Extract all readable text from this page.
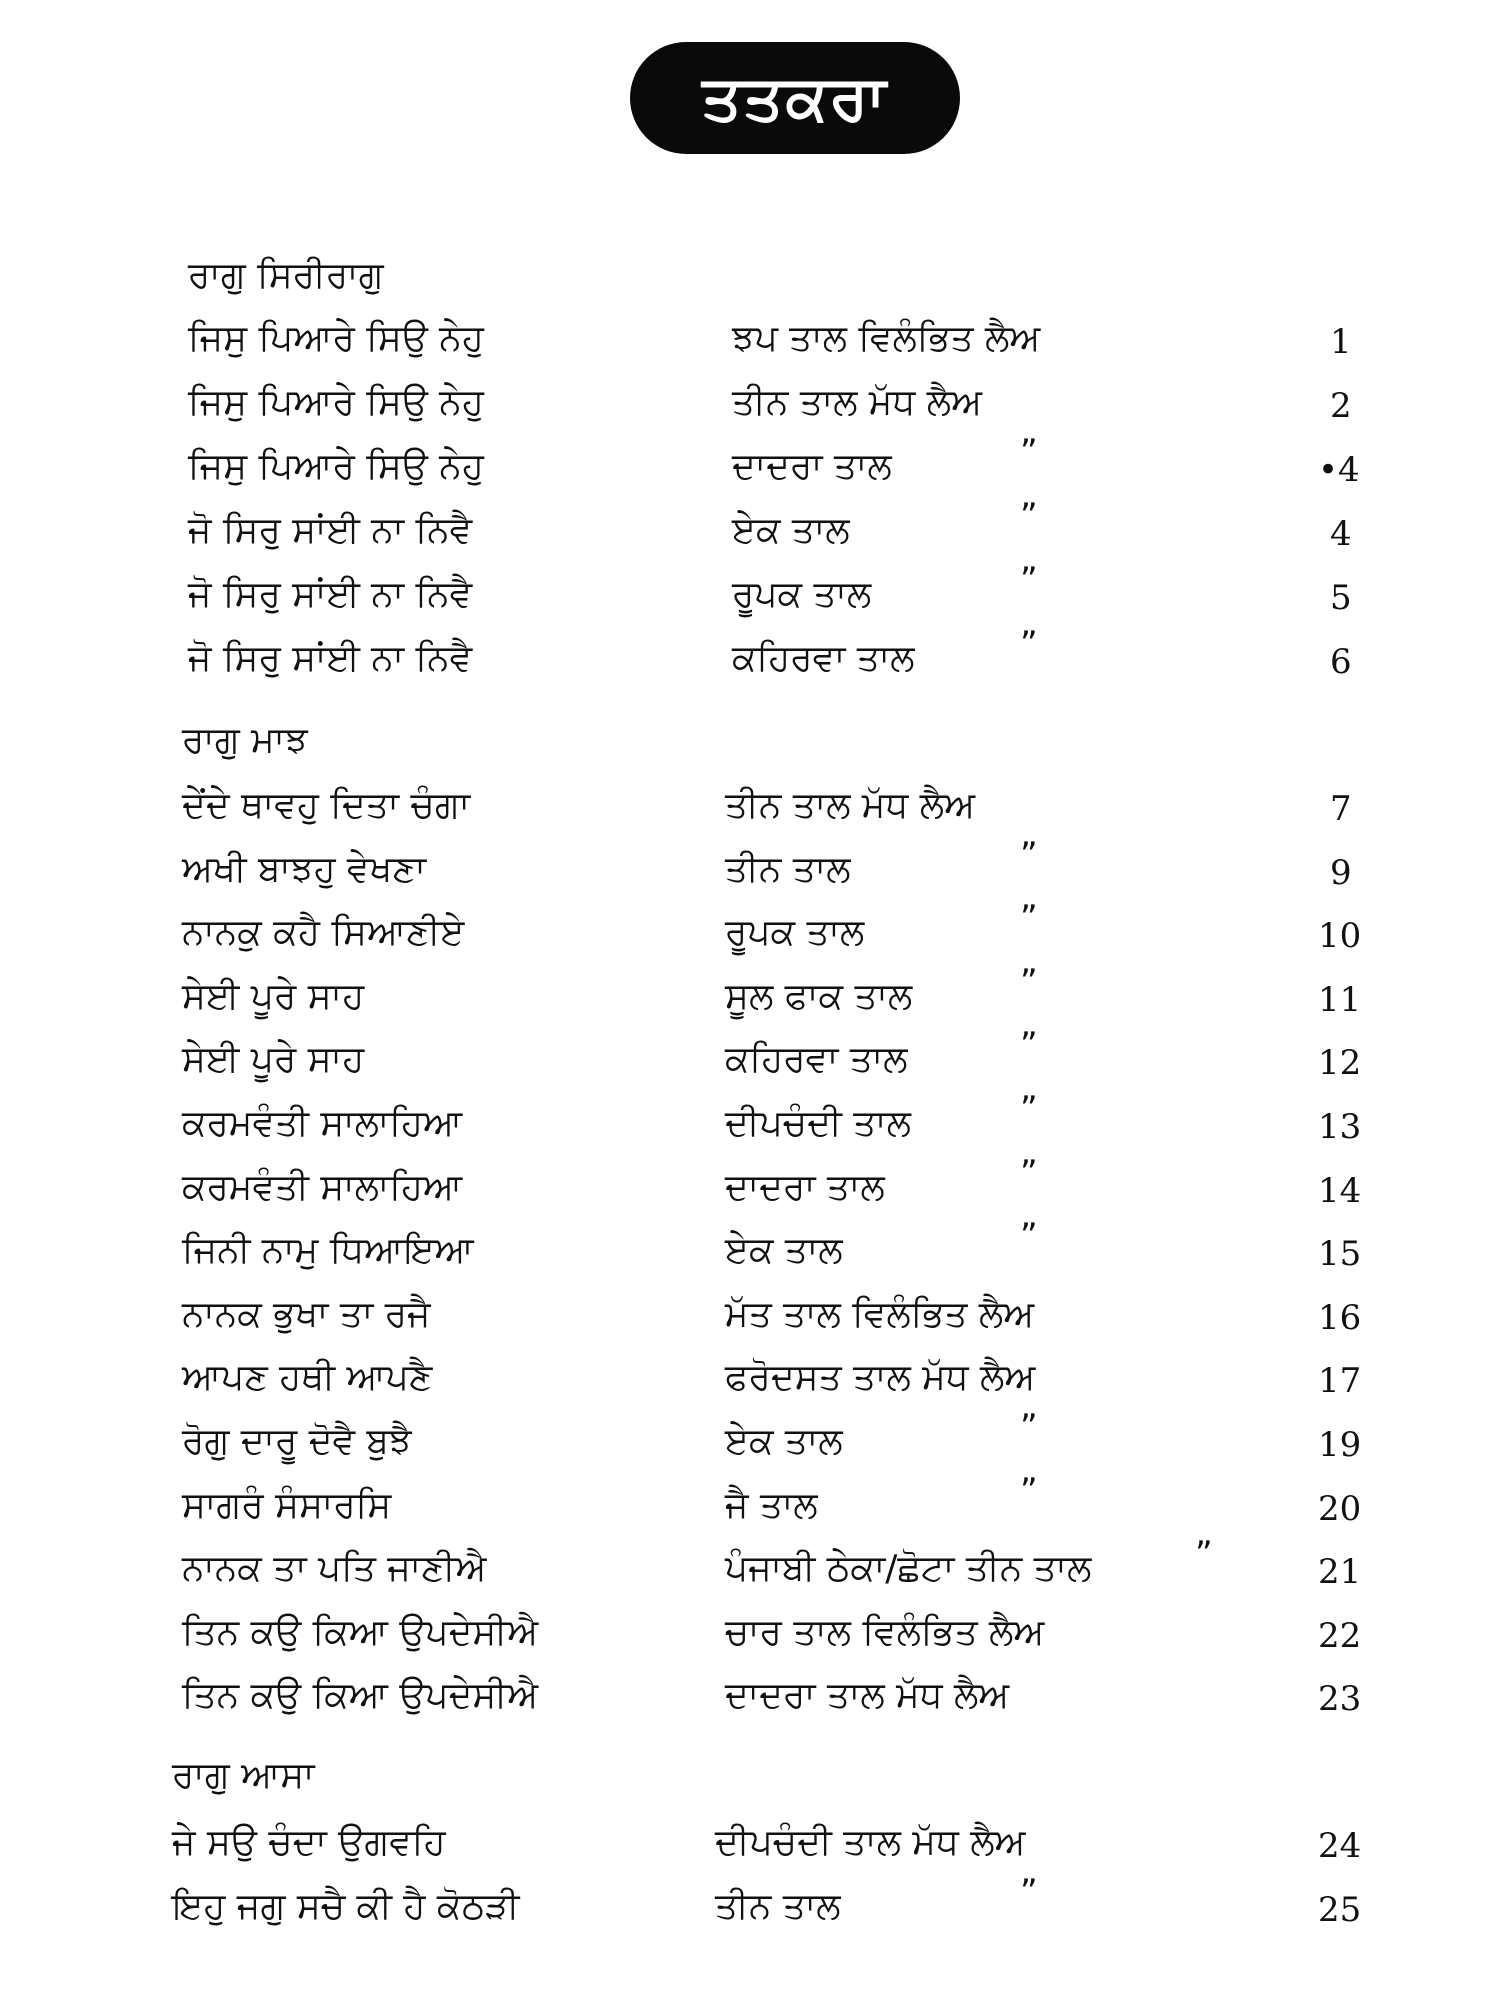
ਤਤਕਰਾ
ਰਾਗੁ ਸਿਰੀਰਾਗੁ
ਜਿਸੁ ਪਿਆਰੇ ਸਿਉ ਨੇਹੁ	ਝਪ ਤਾਲ ਵਿਲੰਭਿਤ ਲੈਅ	1
ਜਿਸੁ ਪਿਆਰੇ ਸਿਉ ਨੇਹੁ	ਤੀਨ ਤਾਲ ਮੱਧ ਲੈਅ	2
ਜਿਸੁ ਪਿਆਰੇ ਸਿਉ ਨੇਹੁ	ਦਾਦਰਾ ਤਾਲ	”	•4
ਜੋ ਸਿਰੁ ਸਾਂਈ ਨਾ ਨਿਵੈ	ਏਕ ਤਾਲ	”	4
ਜੋ ਸਿਰੁ ਸਾਂਈ ਨਾ ਨਿਵੈ	ਰੂਪਕ ਤਾਲ	”	5
ਜੋ ਸਿਰੁ ਸਾਂਈ ਨਾ ਨਿਵੈ	ਕਹਿਰਵਾ ਤਾਲ	”	6
ਰਾਗੁ ਮਾਝ
ਦੇਂਦੇ ਥਾਵਹੁ ਦਿਤਾ ਚੰਗਾ	ਤੀਨ ਤਾਲ ਮੱਧ ਲੈਅ	7
ਅਖੀ ਬਾਝਹੁ ਵੇਖਣਾ	ਤੀਨ ਤਾਲ	”	9
ਨਾਨਕੁ ਕਹੈ ਸਿਆਣੀਏ	ਰੂਪਕ ਤਾਲ	”	10
ਸੇਈ ਪੂਰੇ ਸਾਹ	ਸੂਲ ਫਾਕ ਤਾਲ	”	11
ਸੇਈ ਪੂਰੇ ਸਾਹ	ਕਹਿਰਵਾ ਤਾਲ	”	12
ਕਰਮਵੰਤੀ ਸਾਲਾਹਿਆ	ਦੀਪਚੰਦੀ ਤਾਲ	”	13
ਕਰਮਵੰਤੀ ਸਾਲਾਹਿਆ	ਦਾਦਰਾ ਤਾਲ	”	14
ਜਿਨੀ ਨਾਮੁ ਧਿਆਇਆ	ਏਕ ਤਾਲ	”	15
ਨਾਨਕ ਭੁਖਾ ਤਾ ਰਜੈ	ਮੱਤ ਤਾਲ ਵਿਲੰਭਿਤ ਲੈਅ	16
ਆਪਣ ਹਥੀ ਆਪਣੈ	ਫਰੋਦਸਤ ਤਾਲ ਮੱਧ ਲੈਅ	17
ਰੋਗੁ ਦਾਰੂ ਦੋਵੈ ਬੁਝੈ	ਏਕ ਤਾਲ	”	19
ਸਾਗਰੰ ਸੰਸਾਰਸਿ	ਜੈ ਤਾਲ	”	20
ਨਾਨਕ ਤਾ ਪਤਿ ਜਾਣੀਐ	ਪੰਜਾਬੀ ਠੇਕਾ/ਛੋਟਾ ਤੀਨ ਤਾਲ	”	21
ਤਿਨ ਕਉ ਕਿਆ ਉਪਦੇਸੀਐ	ਚਾਰ ਤਾਲ ਵਿਲੰਭਿਤ ਲੈਅ	22
ਤਿਨ ਕਉ ਕਿਆ ਉਪਦੇਸੀਐ	ਦਾਦਰਾ ਤਾਲ ਮੱਧ ਲੈਅ	23
ਰਾਗੁ ਆਸਾ
ਜੇ ਸਉ ਚੰਦਾ ਉਗਵਹਿ	ਦੀਪਚੰਦੀ ਤਾਲ ਮੱਧ ਲੈਅ	24
ਇਹੁ ਜਗੁ ਸਚੈ ਕੀ ਹੈ ਕੋਠੜੀ	ਤੀਨ ਤਾਲ	”	25
